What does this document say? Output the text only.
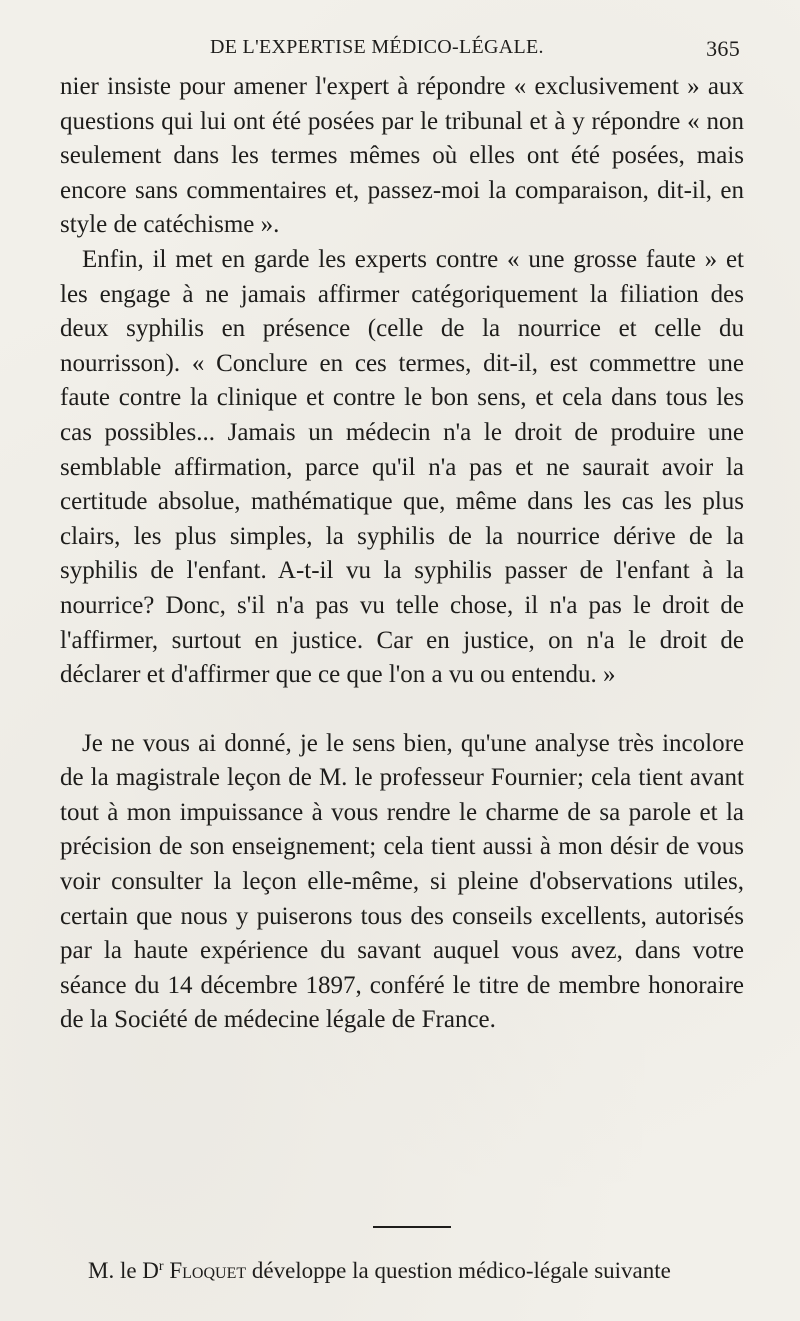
DE L'EXPERTISE MÉDICO-LÉGALE.	365

nier insiste pour amener l'expert à répondre « exclusivement » aux questions qui lui ont été posées par le tribunal et à y répondre « non seulement dans les termes mêmes où elles ont été posées, mais encore sans commentaires et, passez-moi la comparaison, dit-il, en style de catéchisme ».

Enfin, il met en garde les experts contre « une grosse faute » et les engage à ne jamais affirmer catégoriquement la filiation des deux syphilis en présence (celle de la nourrice et celle du nourrisson). « Conclure en ces termes, dit-il, est commettre une faute contre la clinique et contre le bon sens, et cela dans tous les cas possibles... Jamais un médecin n'a le droit de produire une semblable affirmation, parce qu'il n'a pas et ne saurait avoir la certitude absolue, mathématique que, même dans les cas les plus clairs, les plus simples, la syphilis de la nourrice dérive de la syphilis de l'enfant. A-t-il vu la syphilis passer de l'enfant à la nourrice? Donc, s'il n'a pas vu telle chose, il n'a pas le droit de l'affirmer, surtout en justice. Car en justice, on n'a le droit de déclarer et d'affirmer que ce que l'on a vu ou entendu. »

Je ne vous ai donné, je le sens bien, qu'une analyse très incolore de la magistrale leçon de M. le professeur Fournier; cela tient avant tout à mon impuissance à vous rendre le charme de sa parole et la précision de son enseignement; cela tient aussi à mon désir de vous voir consulter la leçon elle-même, si pleine d'observations utiles, certain que nous y puiserons tous des conseils excellents, autorisés par la haute expérience du savant auquel vous avez, dans votre séance du 14 décembre 1897, conféré le titre de membre honoraire de la Société de médecine légale de France.

M. le $D^r$ Floquet développe la question médico-légale suivante
